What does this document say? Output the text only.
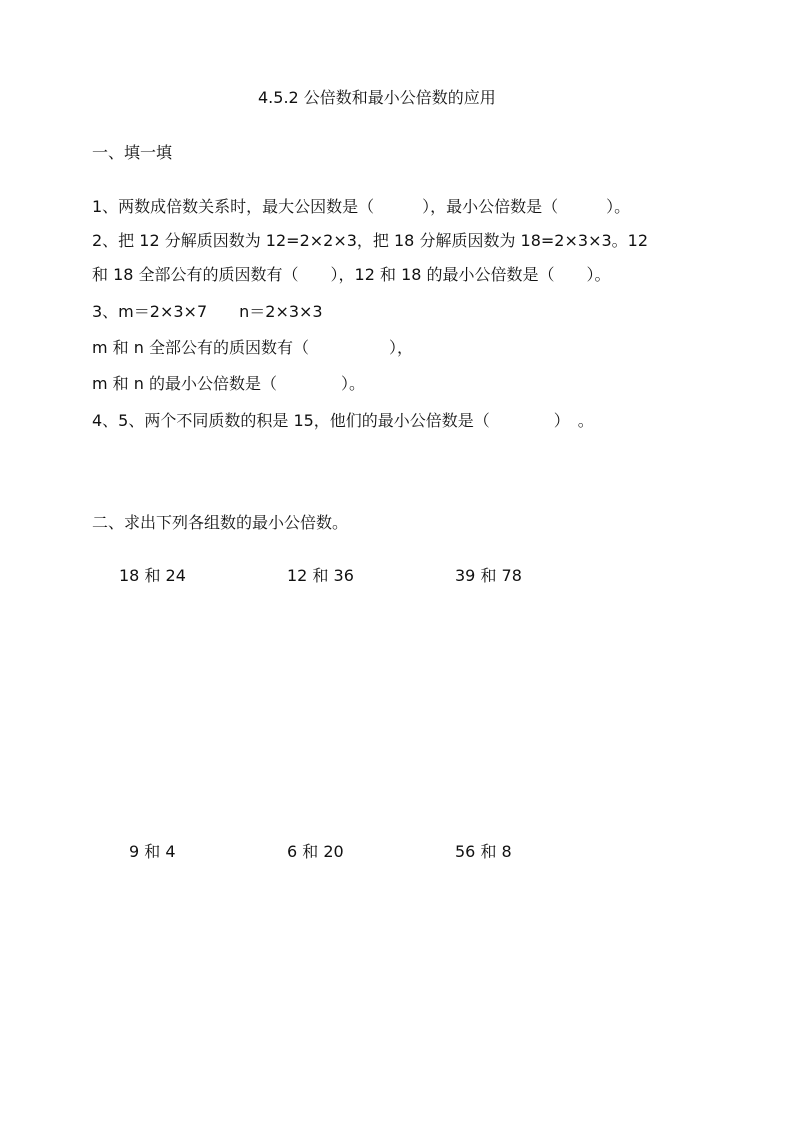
4.5.2 公倍数和最小公倍数的应用
一、填一填
1、两数成倍数关系时，最大公因数是（　　　），最小公倍数是（　　　）。
2、把 12 分解质因数为 12=2×2×3，把 18 分解质因数为 18=2×3×3。12
和 18 全部公有的质因数有（　　），12 和 18 的最小公倍数是（　　）。
3、m＝2×3×7　　n＝2×3×3
m 和 n 全部公有的质因数有（　　　　　），
m 和 n 的最小公倍数是（　　　　）。
4、5、两个不同质数的积是 15，他们的最小公倍数是（　　　　）　。
二、求出下列各组数的最小公倍数。
18 和 24	12 和 36	39 和 78
9 和 4	6 和 20	56 和 8
